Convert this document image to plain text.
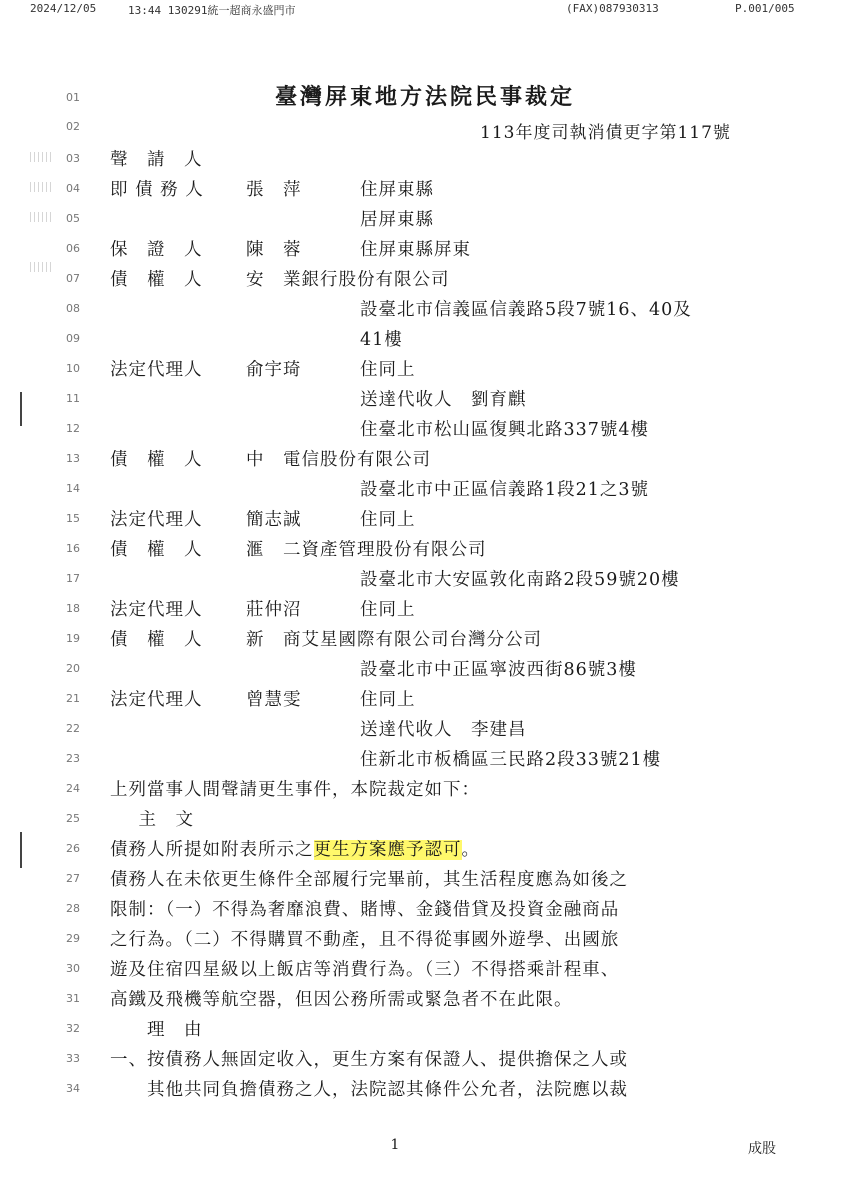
2024/12/05	13:44 130291統一超商永盛門市	(FAX)087930313	P.001/005
臺灣屏東地方法院民事裁定
113年度司執消債更字第117號
01
02
03	聲　請　人
04	即 債 務 人 張　萍	住屏東縣
05	居屏東縣
06	保　證　人 陳　蓉	住屏東縣屏東
07	債　權　人 安　業銀行股份有限公司
08	設臺北市信義區信義路5段7號16、40及
09	41樓
10	法定代理人 俞宇琦	住同上
11	送達代收人　劉育麒
12	住臺北市松山區復興北路337號4樓
13	債　權　人 中　電信股份有限公司
14	設臺北市中正區信義路1段21之3號
15	法定代理人 簡志誠	住同上
16	債　權　人 滙　二資產管理股份有限公司
17	設臺北市大安區敦化南路2段59號20樓
18	法定代理人 莊仲沼	住同上
19	債　權　人 新　商艾星國際有限公司台灣分公司
20	設臺北市中正區寧波西街86號3樓
21	法定代理人 曾慧雯	住同上
22	送達代收人　李建昌
23	住新北市板橋區三民路2段33號21樓
24	上列當事人間聲請更生事件，本院裁定如下：
25	　主　文
26	債務人所提如附表所示之更生方案應予認可。
27	債務人在未依更生條件全部履行完畢前，其生活程度應為如後之
28	限制：（一）不得為奢靡浪費、賭博、金錢借貸及投資金融商品
29	之行為。（二）不得購買不動產，且不得從事國外遊學、出國旅
30	遊及住宿四星級以上飯店等消費行為。（三）不得搭乘計程車、
31	高鐵及飛機等航空器，但因公務所需或緊急者不在此限。
32	　　理　由
33	一、按債務人無固定收入，更生方案有保證人、提供擔保之人或
34	　　其他共同負擔債務之人，法院認其條件公允者，法院應以裁
1	成股
